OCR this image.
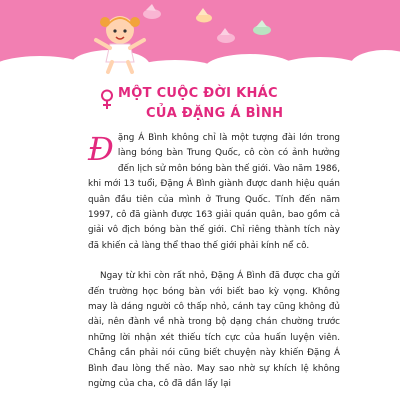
MỘT CUỘC ĐỜI KHÁC
CỦA ĐẶNG Á BÌNH

Đặng Á Bình không chỉ là một tượng đài lớn trong làng bóng bàn Trung Quốc, cô còn có ảnh hưởng đến lịch sử môn bóng bàn thế giới. Vào năm 1986, khi mới 13 tuổi, Đặng Á Bình giành được danh hiệu quán quân đầu tiên của mình ở Trung Quốc. Tính đến năm 1997, cô đã giành được 163 giải quán quân, bao gồm cả giải vô địch bóng bàn thế giới. Chỉ riêng thành tích này đã khiến cả làng thể thao thế giới phải kính nể cô.

Ngay từ khi còn rất nhỏ, Đặng Á Bình đã được cha gửi đến trường học bóng bàn với biết bao kỳ vọng. Không may là dáng người cô thấp nhỏ, cánh tay cũng không đủ dài, nên đành về nhà trong bộ dạng chán chường trước những lời nhận xét thiếu tích cực của huấn luyện viên. Chẳng cần phải nói cũng biết chuyện này khiến Đặng Á Bình đau lòng thế nào. May sao nhờ sự khích lệ không ngừng của cha, cô đã dần lấy lại
